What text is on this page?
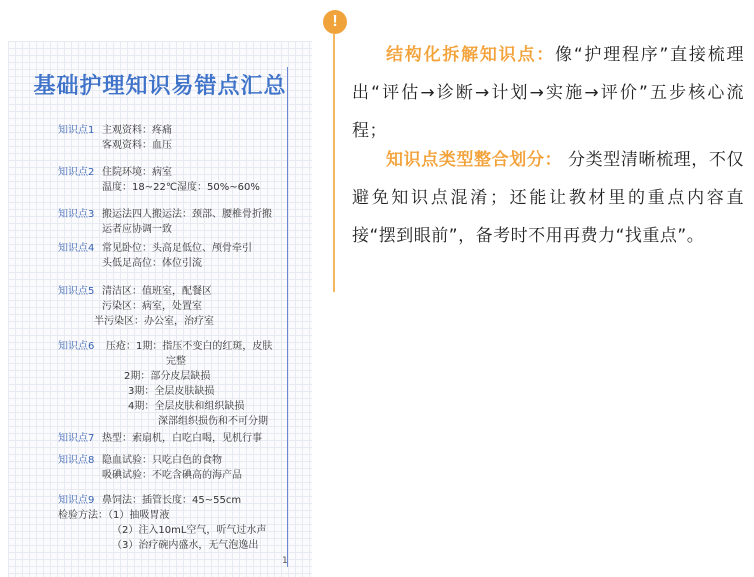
基础护理知识易错点汇总
知识点1 主观资料：疼痛
客观资料：血压
知识点2 住院环境：病室
温度：18~22℃湿度：50%~60%
知识点3 搬运法四人搬运法：颈部、腰椎骨折搬
运者应协调一致
知识点4 常见卧位：头高足低位、颅骨牵引
头低足高位：体位引流
知识点5 清洁区：值班室，配餐区
污染区：病室，处置室
半污染区：办公室，治疗室
知识点6 压疮：1期：指压不变白的红斑，皮肤
完整
2期：部分皮层缺损
3期：全层皮肤缺损
4期：全层皮肤和组织缺损
深部组织损伤和不可分期
知识点7 热型：索扇机，白吃白喝，见机行事
知识点8 隐血试验：只吃白色的食物
吸碘试验：不吃含碘高的海产品
知识点9 鼻饲法：插管长度：45~55cm
检验方法：（1）抽吸胃液
（2）注入10mL空气，听气过水声
（3）治疗碗内盛水，无气泡逸出
1
!
结构化拆解知识点：像“护理程序”直接梳理出“评估→诊断→计划→实施→评价”五步核心流程；
知识点类型整合划分： 分类型清晰梳理，不仅避免知识点混淆；还能让教材里的重点内容直接“摆到眼前”，备考时不用再费力“找重点”。
